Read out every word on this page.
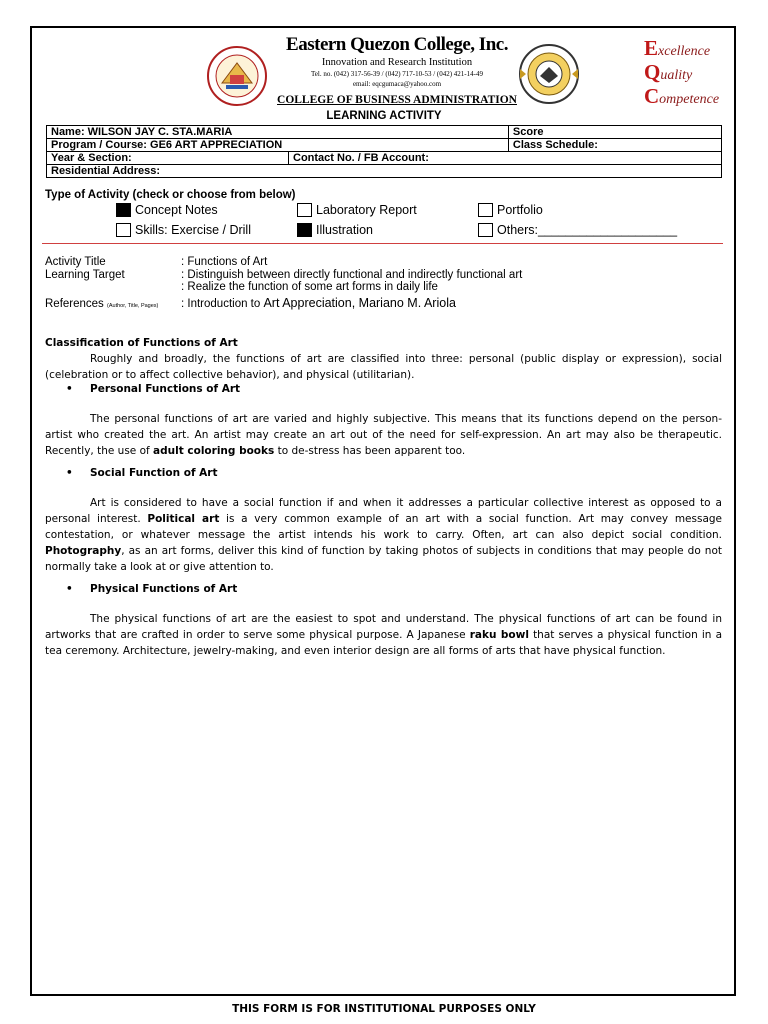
Eastern Quezon College, Inc.
Innovation and Research Institution
Tel. no. (042) 317-56-39 / (042) 717-10-53 / (042) 421-14-49
email: eqcgumaca@yahoo.com
COLLEGE OF BUSINESS ADMINISTRATION
LEARNING ACTIVITY
Excellence
Quality
Competence
Name: WILSON JAY C. STA.MARIA		Score
Program / Course: GE6 ART APPRECIATION		Class Schedule:
Year & Section:	Contact No. / FB Account:	
Residential Address:		
Type of Activity (check or choose from below)
Concept Notes	Laboratory Report	Portfolio
Skills: Exercise / Drill	Illustration	Others:____________________
Activity Title	: Functions of Art
Learning Target	: Distinguish between directly functional and indirectly functional art
: Realize the function of some art forms in daily life
References (Author, Title, Pages) : Introduction to Art Appreciation, Mariano M. Ariola
Classification of Functions of Art
Roughly and broadly, the functions of art are classified into three: personal (public display or expression), social (celebration or to affect collective behavior), and physical (utilitarian).
• Personal Functions of Art
The personal functions of art are varied and highly subjective. This means that its functions depend on the person-artist who created the art. An artist may create an art out of the need for self-expression. An art may also be therapeutic. Recently, the use of adult coloring books to de-stress has been apparent too.
• Social Function of Art
Art is considered to have a social function if and when it addresses a particular collective interest as opposed to a personal interest. Political art is a very common example of an art with a social function. Art may convey message contestation, or whatever message the artist intends his work to carry. Often, art can also depict social condition. Photography, as an art forms, deliver this kind of function by taking photos of subjects in conditions that may people do not normally take a look at or give attention to.
• Physical Functions of Art
The physical functions of art are the easiest to spot and understand. The physical functions of art can be found in artworks that are crafted in order to serve some physical purpose. A Japanese raku bowl that serves a physical function in a tea ceremony. Architecture, jewelry-making, and even interior design are all forms of arts that have physical function.
THIS FORM IS FOR INSTITUTIONAL PURPOSES ONLY
